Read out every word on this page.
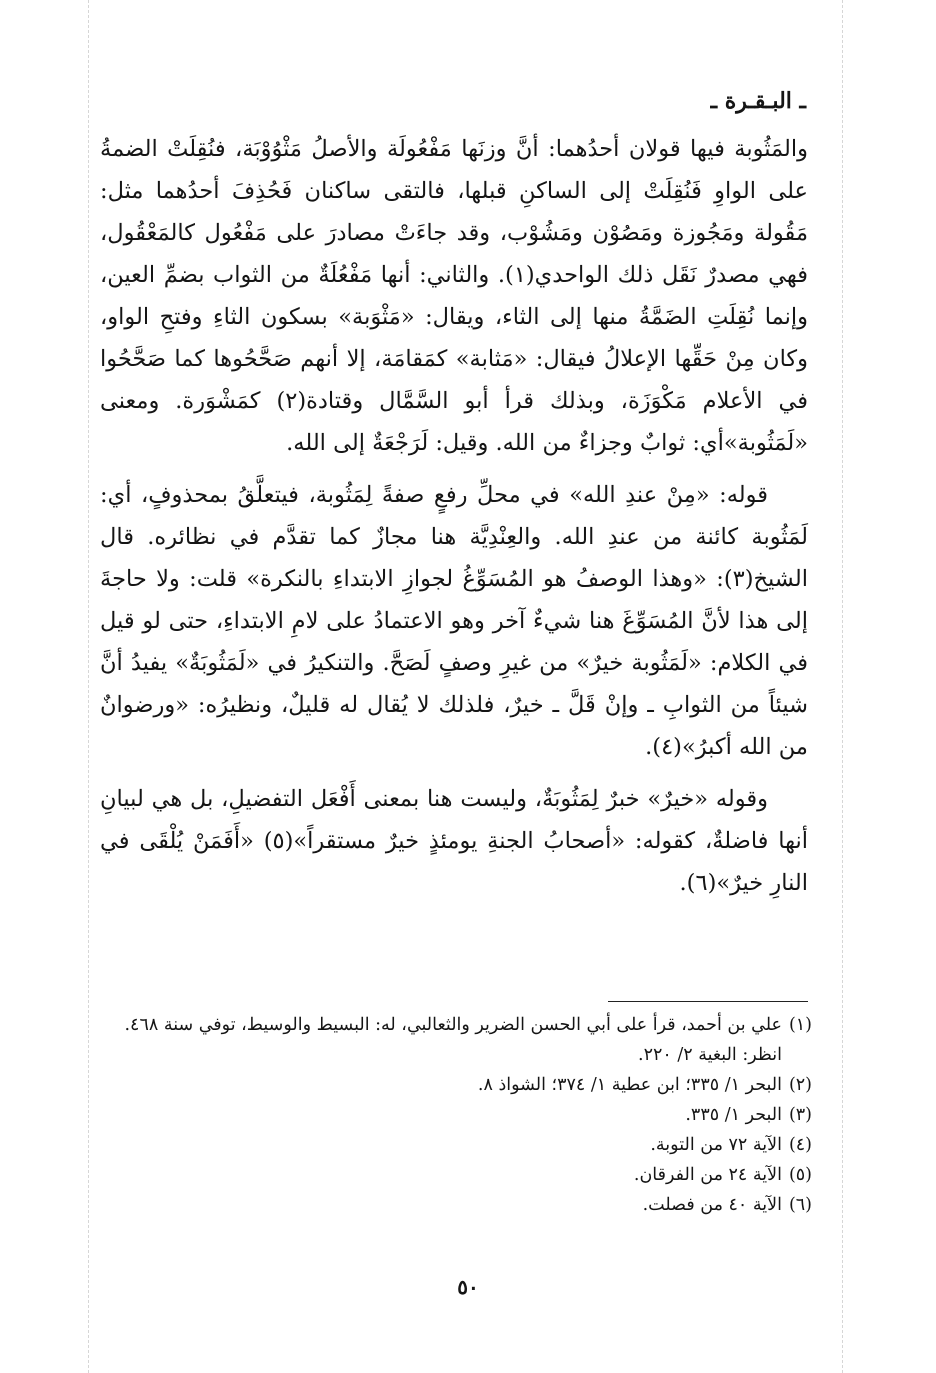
ـ البـقـرة ـ

والمَثُوبة فيها قولان أحدُهما: أنَّ وزنَها مَفْعُولَة والأصلُ مَثْوُوْبَة، فنُقِلَتْ الضمةُ على الواوِ فَنُقِلَتْ إلى الساكنِ قبلها، فالتقى ساكنان فَحُذِفَ أحدُهما مثل: مَقُولة ومَجُوزة ومَصُوْن ومَشُوْب، وقد جاءَتْ مصادرَ على مَفْعُول كالمَعْقُول، فهي مصدرٌ نَقَل ذلك الواحدي(١). والثاني: أنها مَفْعُلَةٌ من الثواب بضمِّ العين، وإنما نُقِلَتِ الضَمَّةُ منها إلى الثاء، ويقال: «مَثْوَبة» بسكون الثاءِ وفتحِ الواو، وكان مِنْ حَقِّها الإعلالُ فيقال: «مَثابة» كمَقامَة، إلا أنهم صَحَّحُوها كما صَحَّحُوا في الأعلام مَكْوَزَة، وبذلك قرأ أبو السَّمَّال وقتادة(٢) كمَشْوَرة. ومعنى «لَمَثُوبة»أي: ثوابٌ وجزاءٌ من الله. وقيل: لَرَجْعَةٌ إلى الله.

قوله: «مِنْ عندِ الله» في محلِّ رفعٍ صفةً لِمَثُوبة، فيتعلَّقُ بمحذوفٍ، أي: لَمَثُوبة كائنة من عندِ الله. والعِنْدِيَّة هنا مجازٌ كما تقدَّم في نظائره. قال الشيخ(٣): «وهذا الوصفُ هو المُسَوِّغُ لجوازِ الابتداءِ بالنكرة» قلت: ولا حاجةَ إلى هذا لأنَّ المُسَوِّغَ هنا شيءٌ آخر وهو الاعتمادُ على لامِ الابتداءِ، حتى لو قيل في الكلام: «لَمَثُوبة خيرٌ» من غيرِ وصفٍ لَصَحَّ. والتنكيرُ في «لَمَثُوبَةٌ» يفيدُ أنَّ شيئاً من الثوابِ ـ وإنْ قَلَّ ـ خيرٌ، فلذلك لا يُقال له قليلٌ، ونظيرُه: «ورضوانٌ من الله أكبرُ»(٤).

وقوله «خيرٌ» خبرٌ لِمَثُوبَةٌ، وليست هنا بمعنى أَفْعَل التفضيلِ، بل هي لبيانِ أنها فاضلةٌ، كقوله: «أصحابُ الجنةِ يومئذٍ خيرٌ مستقراً»(٥) «أَفَمَنْ يُلْقَى في النارِ خيرٌ»(٦).

(١)
علي بن أحمد، قرأ على أبي الحسن الضرير والثعالبي، له: البسيط والوسيط، توفي سنة ٤٦٨. انظر: البغية ٢/ ٢٢٠.
(٢)
البحر ١/ ٣٣٥؛ ابن عطية ١/ ٣٧٤؛ الشواذ ٨.
(٣)
البحر ١/ ٣٣٥.
(٤)
الآية ٧٢ من التوبة.
(٥)
الآية ٢٤ من الفرقان.
(٦)
الآية ٤٠ من فصلت.
٥٠
